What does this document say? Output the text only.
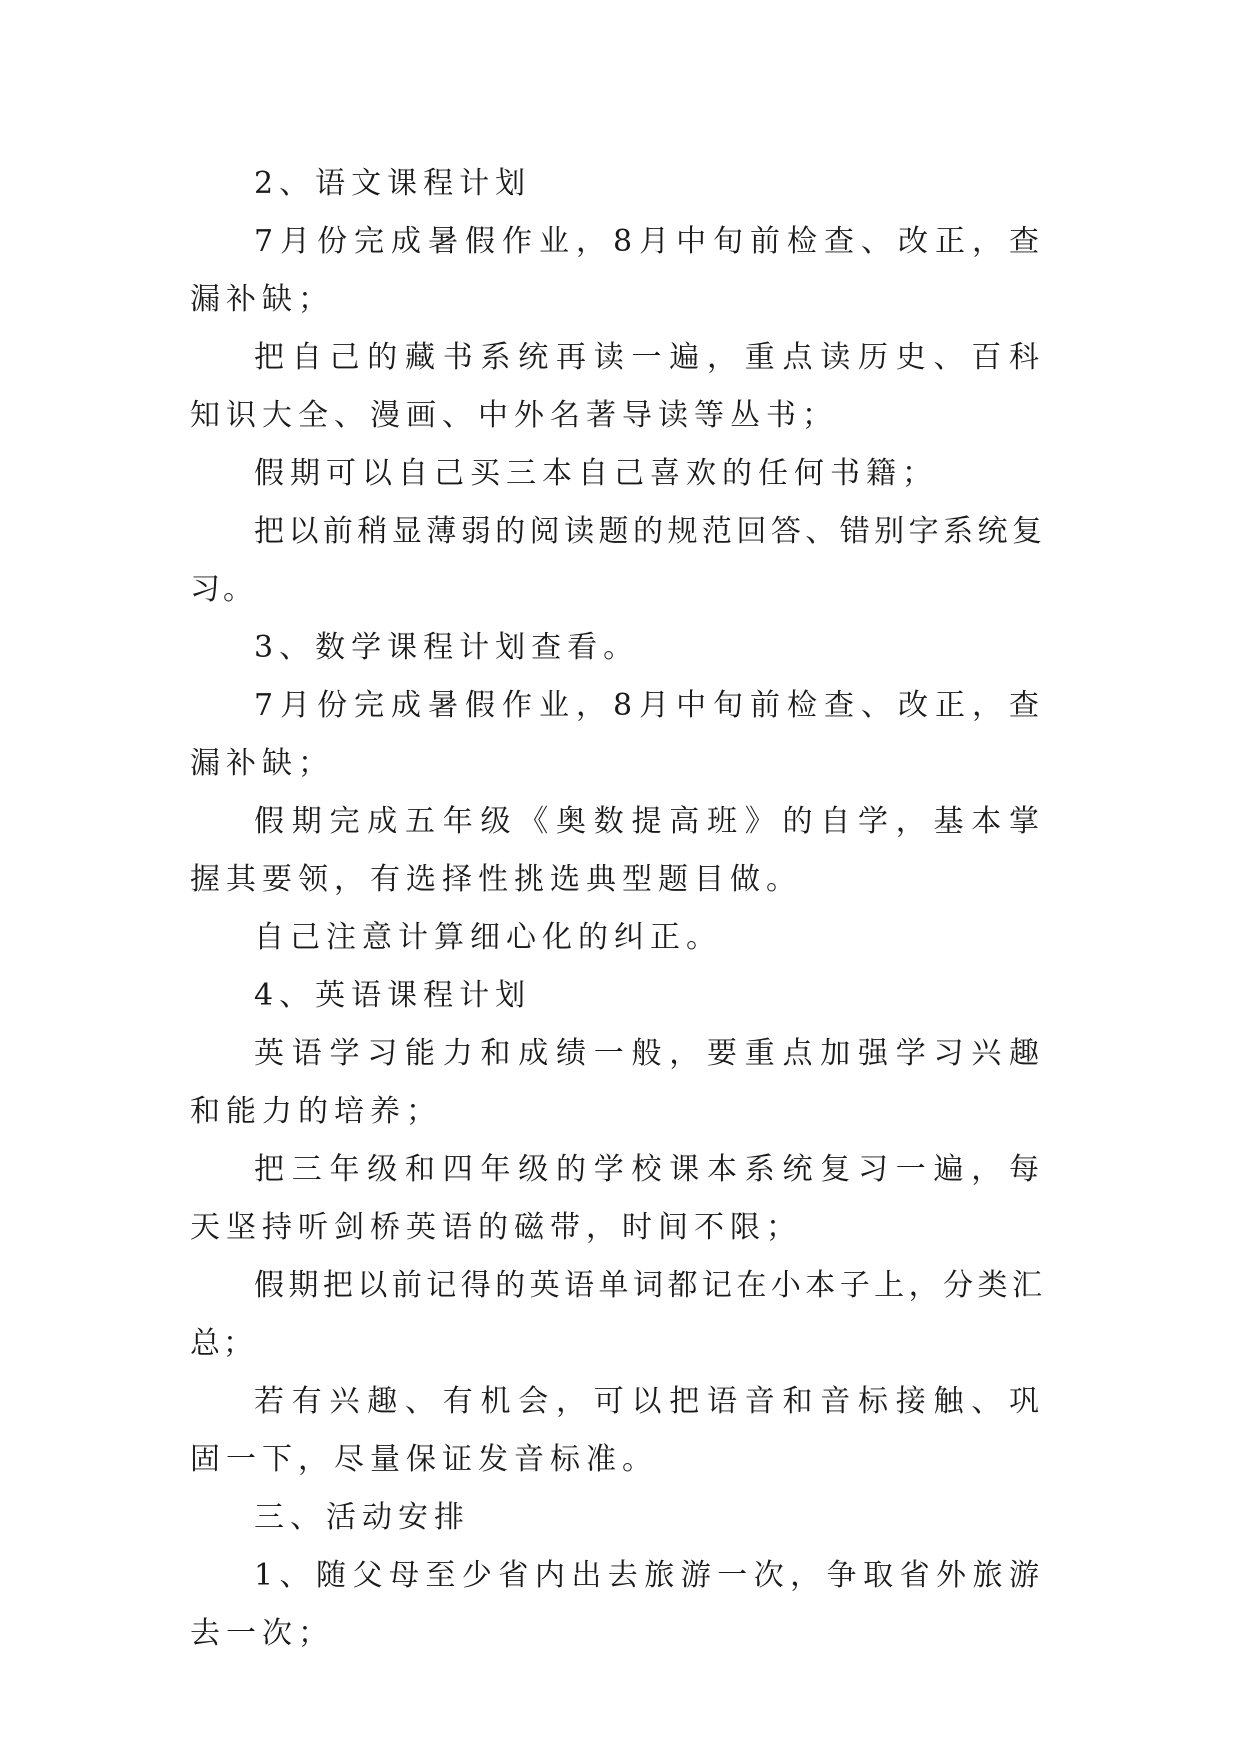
2、语文课程计划

7月份完成暑假作业，8月中旬前检查、改正，查漏补缺；

把自己的藏书系统再读一遍，重点读历史、百科知识大全、漫画、中外名著导读等丛书；

假期可以自己买三本自己喜欢的任何书籍；

把以前稍显薄弱的阅读题的规范回答、错别字系统复习。

3、数学课程计划查看。

7月份完成暑假作业，8月中旬前检查、改正，查漏补缺；

假期完成五年级《奥数提高班》的自学，基本掌握其要领，有选择性挑选典型题目做。

自己注意计算细心化的纠正。

4、英语课程计划

英语学习能力和成绩一般，要重点加强学习兴趣和能力的培养；

把三年级和四年级的学校课本系统复习一遍，每天坚持听剑桥英语的磁带，时间不限；

假期把以前记得的英语单词都记在小本子上，分类汇总；

若有兴趣、有机会，可以把语音和音标接触、巩固一下，尽量保证发音标准。

三、活动安排

1、随父母至少省内出去旅游一次，争取省外旅游去一次；
